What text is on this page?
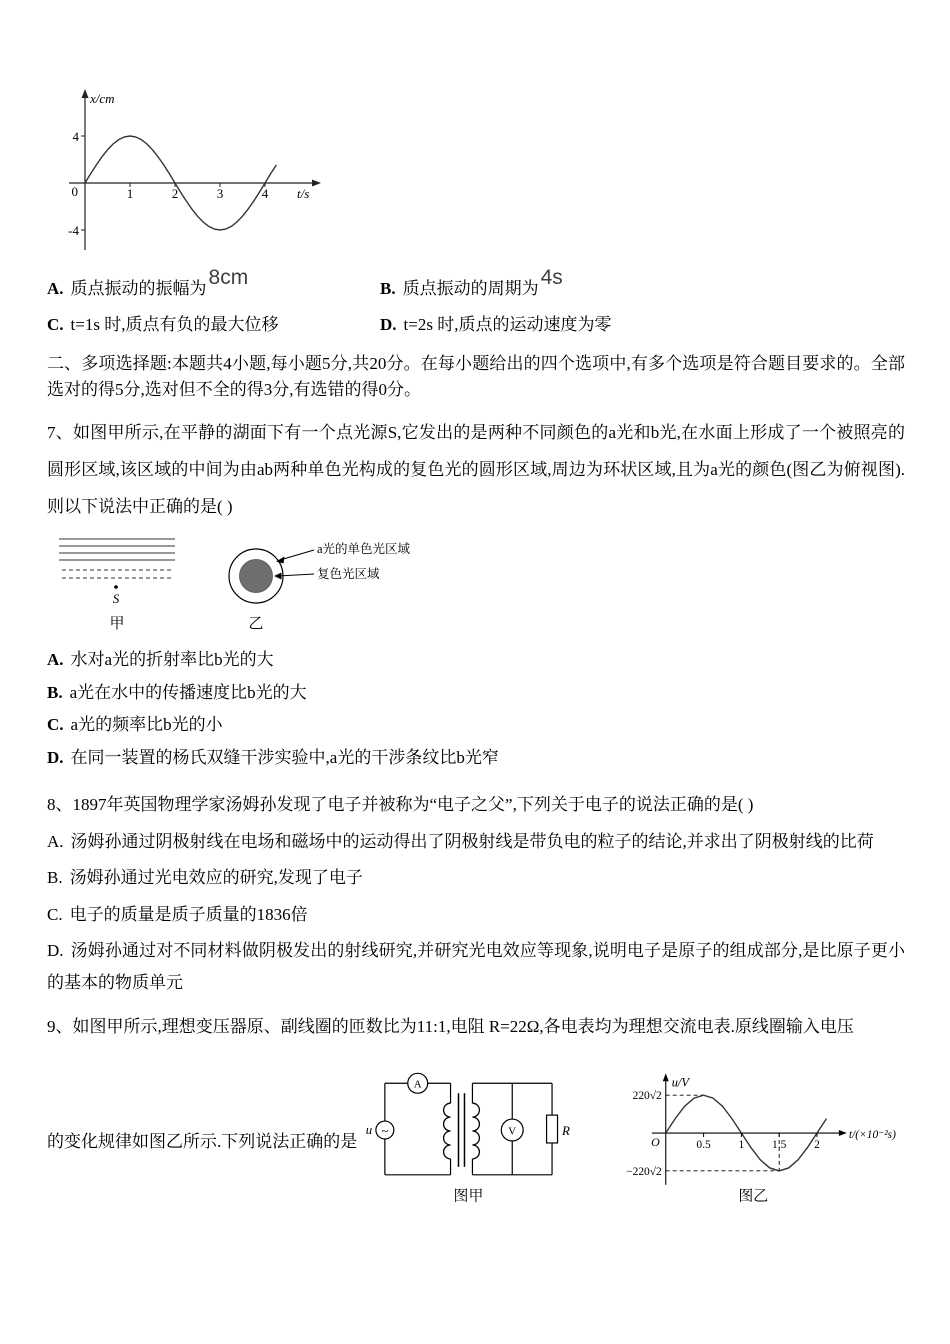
x/cm
0
4
-4
1	2	3	4 t/s
A. 质点振动的振幅为8cm	B. 质点振动的周期为4s
C. t=1s 时,质点有负的最大位移	D. t=2s 时,质点的运动速度为零
二、多项选择题:本题共4小题,每小题5分,共20分。在每小题给出的四个选项中,有多个选项是符合题目要求的。全部选对的得5分,选对但不全的得3分,有选错的得0分。
7、如图甲所示,在平静的湖面下有一个点光源S,它发出的是两种不同颜色的a光和b光,在水面上形成了一个被照亮的圆形区域,该区域的中间为由ab两种单色光构成的复色光的圆形区域,周边为环状区域,且为a光的颜色(图乙为俯视图).则以下说法中正确的是( )
S
甲
a光的单色光区域
复色光区域
乙
A. 水对a光的折射率比b光的大
B. a光在水中的传播速度比b光的大
C. a光的频率比b光的小
D. 在同一装置的杨氏双缝干涉实验中,a光的干涉条纹比b光窄
8、1897年英国物理学家汤姆孙发现了电子并被称为“电子之父”,下列关于电子的说法正确的是( )
A. 汤姆孙通过阴极射线在电场和磁场中的运动得出了阴极射线是带负电的粒子的结论,并求出了阴极射线的比荷
B. 汤姆孙通过光电效应的研究,发现了电子
C. 电子的质量是质子质量的1836倍
D. 汤姆孙通过对不同材料做阴极发出的射线研究,并研究光电效应等现象,说明电子是原子的组成部分,是比原子更小的基本的物质单元
9、如图甲所示,理想变压器原、副线圈的匝数比为11:1,电阻 R=22Ω,各电表均为理想交流电表.原线圈输入电压
的变化规律如图乙所示.下列说法正确的是
~
u
A
V	R
图甲
u/V
220√2
−220√2
O	0.5 1 1.5 2
t/(×10⁻²s)
图乙
